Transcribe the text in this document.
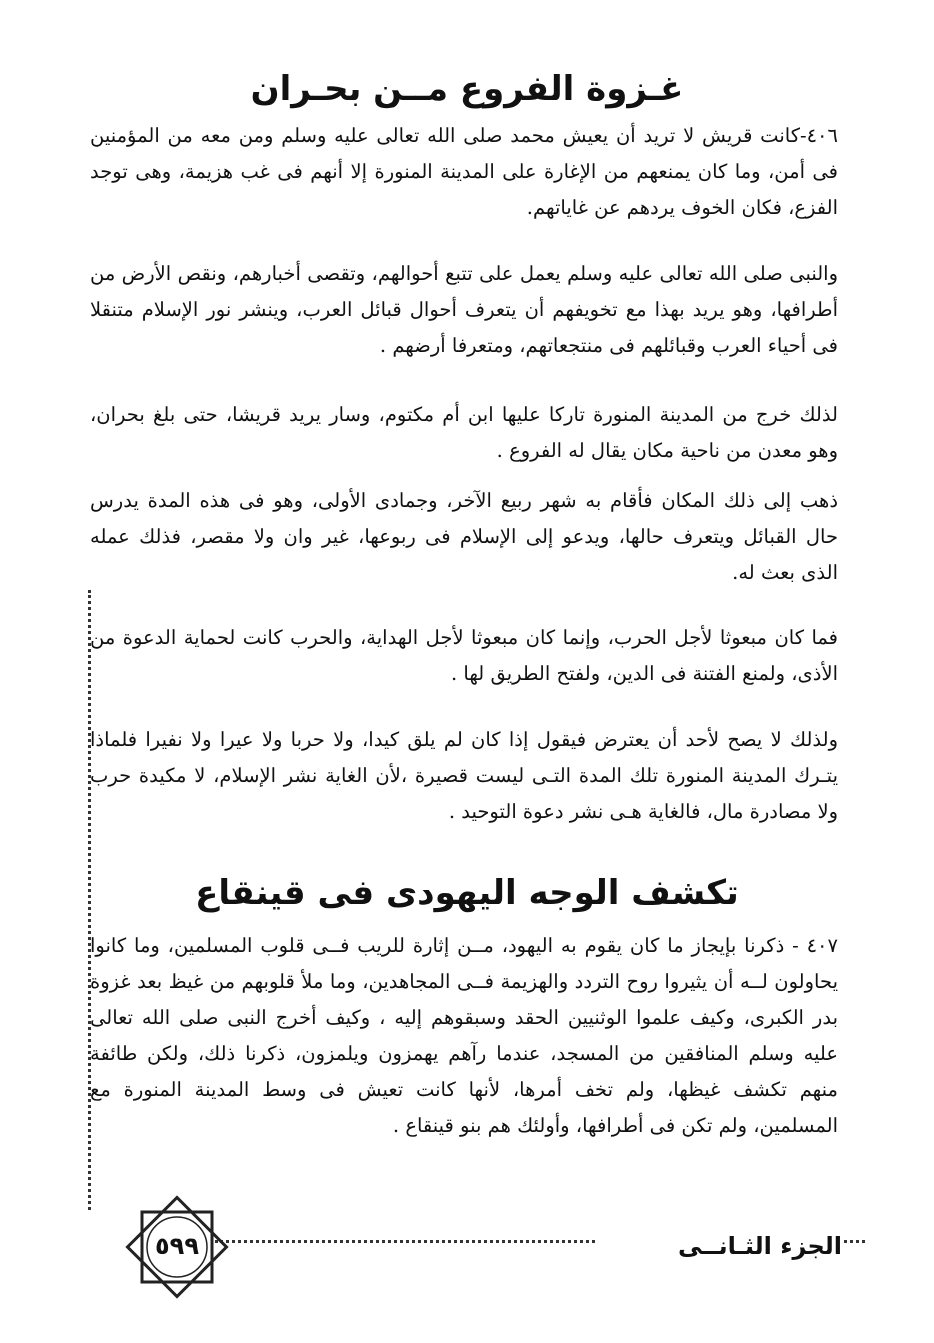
غـزوة الفروع مــن بحـران
٤٠٦-كانت قريش لا تريد أن يعيش محمد صلى الله تعالى عليه وسلم ومن معه من المؤمنين فى أمن، وما كان يمنعهم من الإغارة على المدينة المنورة إلا أنهم فى غب هزيمة، وهى توجد الفزع، فكان الخوف يردهم عن غاياتهم.
والنبى صلى الله تعالى عليه وسلم يعمل على تتبع أحوالهم، وتقصى أخبارهم، ونقص الأرض من أطرافها، وهو يريد بهذا مع تخويفهم أن يتعرف أحوال قبائل العرب، وينشر نور الإسلام متنقلا فى أحياء العرب وقبائلهم فى منتجعاتهم، ومتعرفا أرضهم .
لذلك خرج من المدينة المنورة تاركا عليها ابن أم مكتوم، وسار يريد قريشا، حتى بلغ بحران، وهو معدن من ناحية مكان يقال له الفروع .
ذهب إلى ذلك المكان فأقام به شهر ربيع الآخر، وجمادى الأولى، وهو فى هذه المدة يدرس حال القبائل ويتعرف حالها، ويدعو إلى الإسلام فى ربوعها، غير وان ولا مقصر، فذلك عمله الذى بعث له.
فما كان مبعوثا لأجل الحرب، وإنما كان مبعوثا لأجل الهداية، والحرب كانت لحماية الدعوة من الأذى، ولمنع الفتنة فى الدين، ولفتح الطريق لها .
ولذلك لا يصح لأحد أن يعترض فيقول إذا كان لم يلق كيدا، ولا حربا ولا عيرا ولا نفيرا فلماذا يتـرك المدينة المنورة تلك المدة التـى ليست قصيرة ،لأن الغاية نشر الإسلام، لا مكيدة حرب ولا مصادرة مال، فالغاية هـى نشر دعوة التوحيد .
تكشف الوجه اليهودى فى قينقاع
٤٠٧ - ذكرنا بإيجاز ما كان يقوم به اليهود، مــن إثارة للريب فــى قلوب المسلمين، وما كانوا يحاولون لــه أن يثيروا روح التردد والهزيمة فــى المجاهدين، وما ملأ قلوبهم من غيظ بعد غزوة بدر الكبرى، وكيف علموا الوثنيين الحقد وسبقوهم إليه ، وكيف أخرج النبى صلى الله تعالى عليه وسلم المنافقين من المسجد، عندما رآهم يهمزون ويلمزون، ذكرنا ذلك، ولكن طائفة منهم تكشف غيظها، ولم تخف أمرها، لأنها كانت تعيش فى وسط المدينة المنورة مع المسلمين، ولم تكن فى أطرافها، وأولئك هم بنو قينقاع .
٥٩٩	الجزء الثـانــى
